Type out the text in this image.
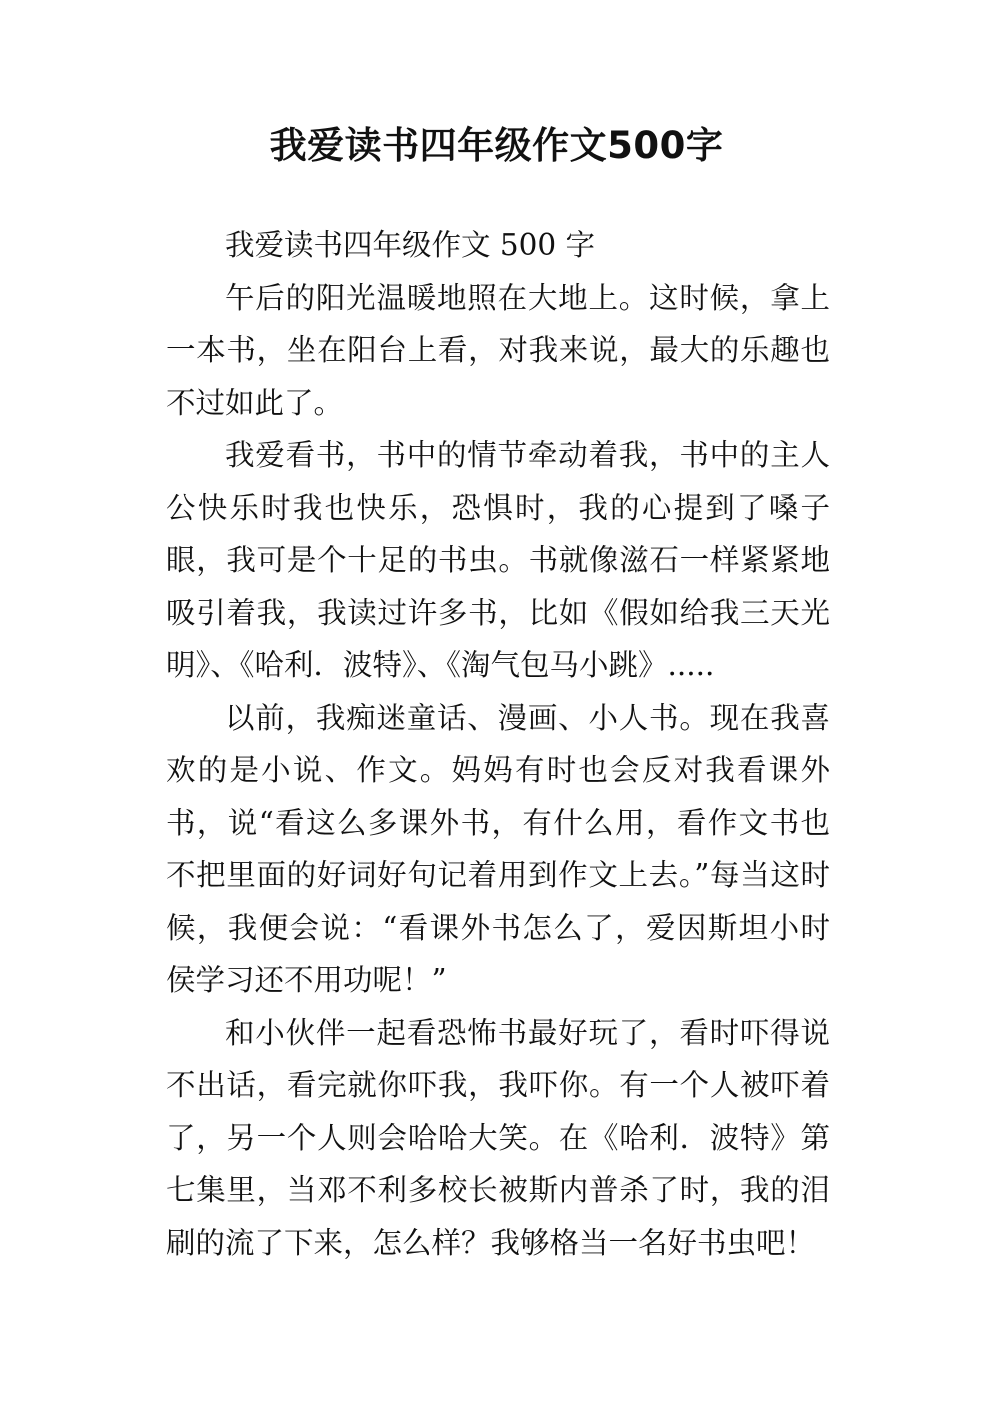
我爱读书四年级作文500字

我爱读书四年级作文 500 字

午后的阳光温暖地照在大地上。这时候，拿上一本书，坐在阳台上看，对我来说，最大的乐趣也不过如此了。

我爱看书，书中的情节牵动着我，书中的主人公快乐时我也快乐，恐惧时，我的心提到了嗓子眼，我可是个十足的书虫。书就像滋石一样紧紧地吸引着我，我读过许多书，比如《假如给我三天光明》、《哈利．波特》、《淘气包马小跳》.....

以前，我痴迷童话、漫画、小人书。现在我喜欢的是小说、作文。妈妈有时也会反对我看课外书，说“看这么多课外书，有什么用，看作文书也不把里面的好词好句记着用到作文上去。”每当这时候，我便会说：“看课外书怎么了，爱因斯坦小时侯学习还不用功呢！”

和小伙伴一起看恐怖书最好玩了，看时吓得说不出话，看完就你吓我，我吓你。有一个人被吓着了，另一个人则会哈哈大笑。在《哈利．波特》第七集里，当邓不利多校长被斯内普杀了时，我的泪刷的流了下来，怎么样？我够格当一名好书虫吧！
